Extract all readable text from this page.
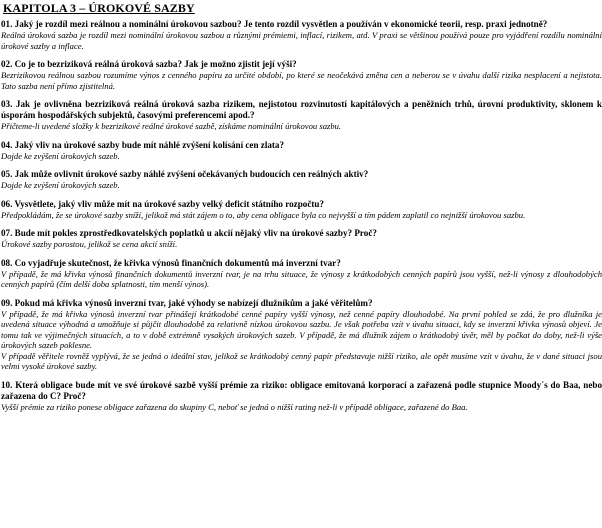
KAPITOLA 3 – ÚROKOVÉ SAZBY

01. Jaký je rozdíl mezi reálnou a nominální úrokovou sazbou? Je tento rozdíl vysvětlen a používán v ekonomické teorii, resp. praxi jednotně?

Reálná úroková sazba je rozdíl mezi nominální úrokovou sazbou a různými prémiemi, inflací, rizikem, atd. V praxi se většinou používá pouze pro vyjádření rozdílu nominální úrokové sazby a inflace.

02. Co je to bezriziková reálná úroková sazba? Jak je možno zjistit její výši?

Bezrizikovou reálnou sazbou rozumíme výnos z cenného papíru za určité období, po které se neočekává změna cen a neberou se v úvahu další rizika nesplacení a nejistota. Tato sazba není přímo zjistitelná.

03. Jak je ovlivněna bezriziková reálná úroková sazba rizikem, nejistotou rozvinutostí kapitálových a peněžních trhů, úrovní produktivity, sklonem k úsporám hospodářských subjektů, časovými preferencemi apod.?

Přičteme-li uvedené složky k bezrizikové reálné úrokové sazbě, získáme nominální úrokovou sazbu.

04. Jaký vliv na úrokové sazby bude mít náhlé zvýšení kolísání cen zlata?

Dojde ke zvýšení úrokových sazeb.

05. Jak může ovlivnit úrokové sazby náhlé zvýšení očekávaných budoucích cen reálných aktiv?

Dojde ke zvýšení úrokových sazeb.

06. Vysvětlete, jaký vliv může mít na úrokové sazby velký deficit státního rozpočtu?

Předpokládám, že se úrokové sazby sníží, jelikož má stát zájem o to, aby cena obligace byla co nejvyšší a tím pádem zaplatil co nejnižší úrokovou sazbu.

07. Bude mít pokles zprostředkovatelských poplatků u akcií nějaký vliv na úrokové sazby? Proč?

Úrokové sazby porostou, jelikož se cena akcií sníží.

08. Co vyjadřuje skutečnost, že křivka výnosů finančních dokumentů má inverzní tvar?

V případě, že má křivka výnosů finančních dokumentů inverzní tvar, je na trhu situace, že výnosy z krátkodobých cenných papírů jsou vyšší, než-li výnosy z dlouhodobých cenných papírů (čím delší doba splatnosti, tím menší výnos).

09. Pokud má křivka výnosů inverzní tvar, jaké výhody se nabízejí dlužníkům a jaké věřitelům?

V případě, že má křivka výnosů inverzní tvar přinášejí krátkodobé cenné papíry vyšší výnosy, než cenné papíry dlouhodobé. Na první pohled se zdá, že pro dlužníka je uvedená situace výhodná a umožňuje si půjčit dlouhodobě za relativně nízkou úrokovou sazbu. Je však potřeba vzít v úvahu situaci, kdy se inverzní křivka výnosů objeví. Je tomu tak ve výjimečných situacích, a to v době extrémně vysokých úrokových sazeb. V případě, že má dlužník zájem o krátkodobý úvěr, měl by počkat do doby, než-li výše úrokových sazeb poklesne.

V případě věřitele rovněž vyplývá, že se jedná o ideální stav, jelikož se krátkodobý cenný papír představuje nižší riziko, ale opět musíme vzít v úvahu, že v dané situaci jsou velmi vysoké úrokové sazby.

10. Která obligace bude mít ve své úrokové sazbě vyšší prémie za riziko: obligace emitovaná korporací a zařazená podle stupnice Moody´s do Baa, nebo zařazena do C? Proč?

Vyšší prémie za riziko ponese obligace zařazena do skupiny C, neboť se jedná o nižší rating než-li v případě obligace, zařazené do Baa.
